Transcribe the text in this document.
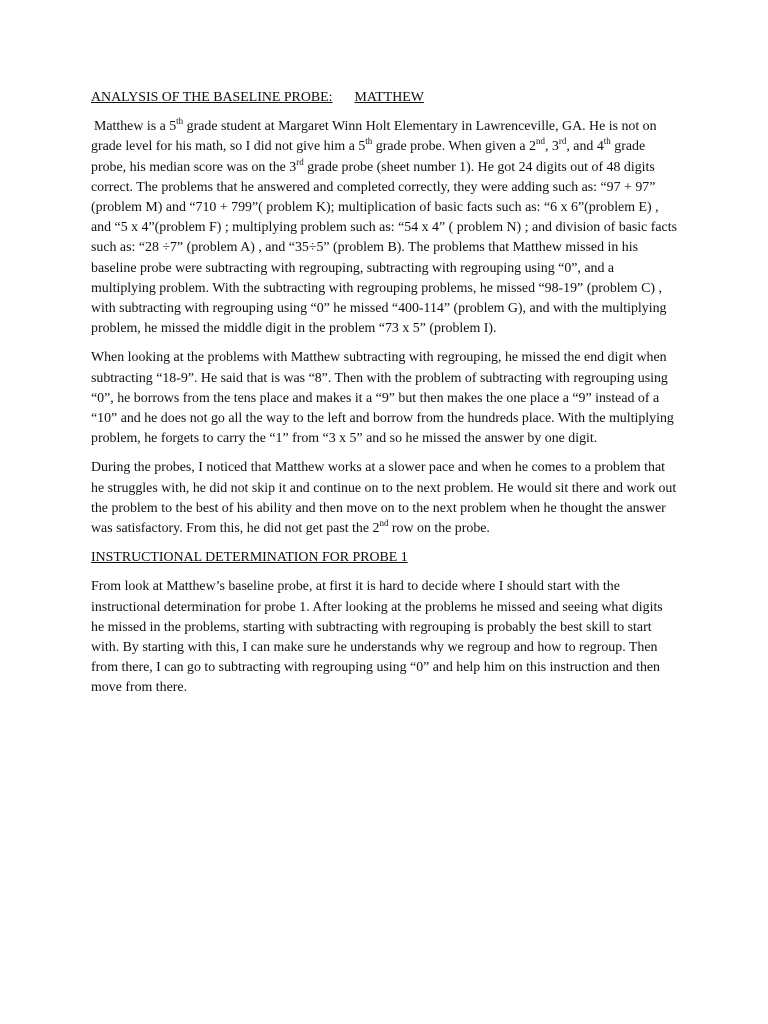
ANALYSIS OF THE BASELINE PROBE: MATTHEW

Matthew is a 5th grade student at Margaret Winn Holt Elementary in Lawrenceville, GA. He is not on grade level for his math, so I did not give him a 5th grade probe. When given a 2nd, 3rd, and 4th grade probe, his median score was on the 3rd grade probe (sheet number 1). He got 24 digits out of 48 digits correct. The problems that he answered and completed correctly, they were adding such as: “97 + 97” (problem M) and “710 + 799”( problem K); multiplication of basic facts such as: “6 x 6”(problem E) , and “5 x 4”(problem F) ; multiplying problem such as: “54 x 4” ( problem N) ; and division of basic facts such as: “28 ÷7” (problem A) , and “35÷5” (problem B). The problems that Matthew missed in his baseline probe were subtracting with regrouping, subtracting with regrouping using “0”, and a multiplying problem. With the subtracting with regrouping problems, he missed “98-19” (problem C) , with subtracting with regrouping using “0” he missed “400-114” (problem G), and with the multiplying problem, he missed the middle digit in the problem “73 x 5” (problem I).

When looking at the problems with Matthew subtracting with regrouping, he missed the end digit when subtracting “18-9”. He said that is was “8”. Then with the problem of subtracting with regrouping using “0”, he borrows from the tens place and makes it a “9” but then makes the one place a “9” instead of a “10” and he does not go all the way to the left and borrow from the hundreds place. With the multiplying problem, he forgets to carry the “1” from “3 x 5” and so he missed the answer by one digit.

During the probes, I noticed that Matthew works at a slower pace and when he comes to a problem that he struggles with, he did not skip it and continue on to the next problem. He would sit there and work out the problem to the best of his ability and then move on to the next problem when he thought the answer was satisfactory. From this, he did not get past the 2nd row on the probe.

INSTRUCTIONAL DETERMINATION FOR PROBE 1

From look at Matthew’s baseline probe, at first it is hard to decide where I should start with the instructional determination for probe 1. After looking at the problems he missed and seeing what digits he missed in the problems, starting with subtracting with regrouping is probably the best skill to start with. By starting with this, I can make sure he understands why we regroup and how to regroup. Then from there, I can go to subtracting with regrouping using “0” and help him on this instruction and then move from there.
